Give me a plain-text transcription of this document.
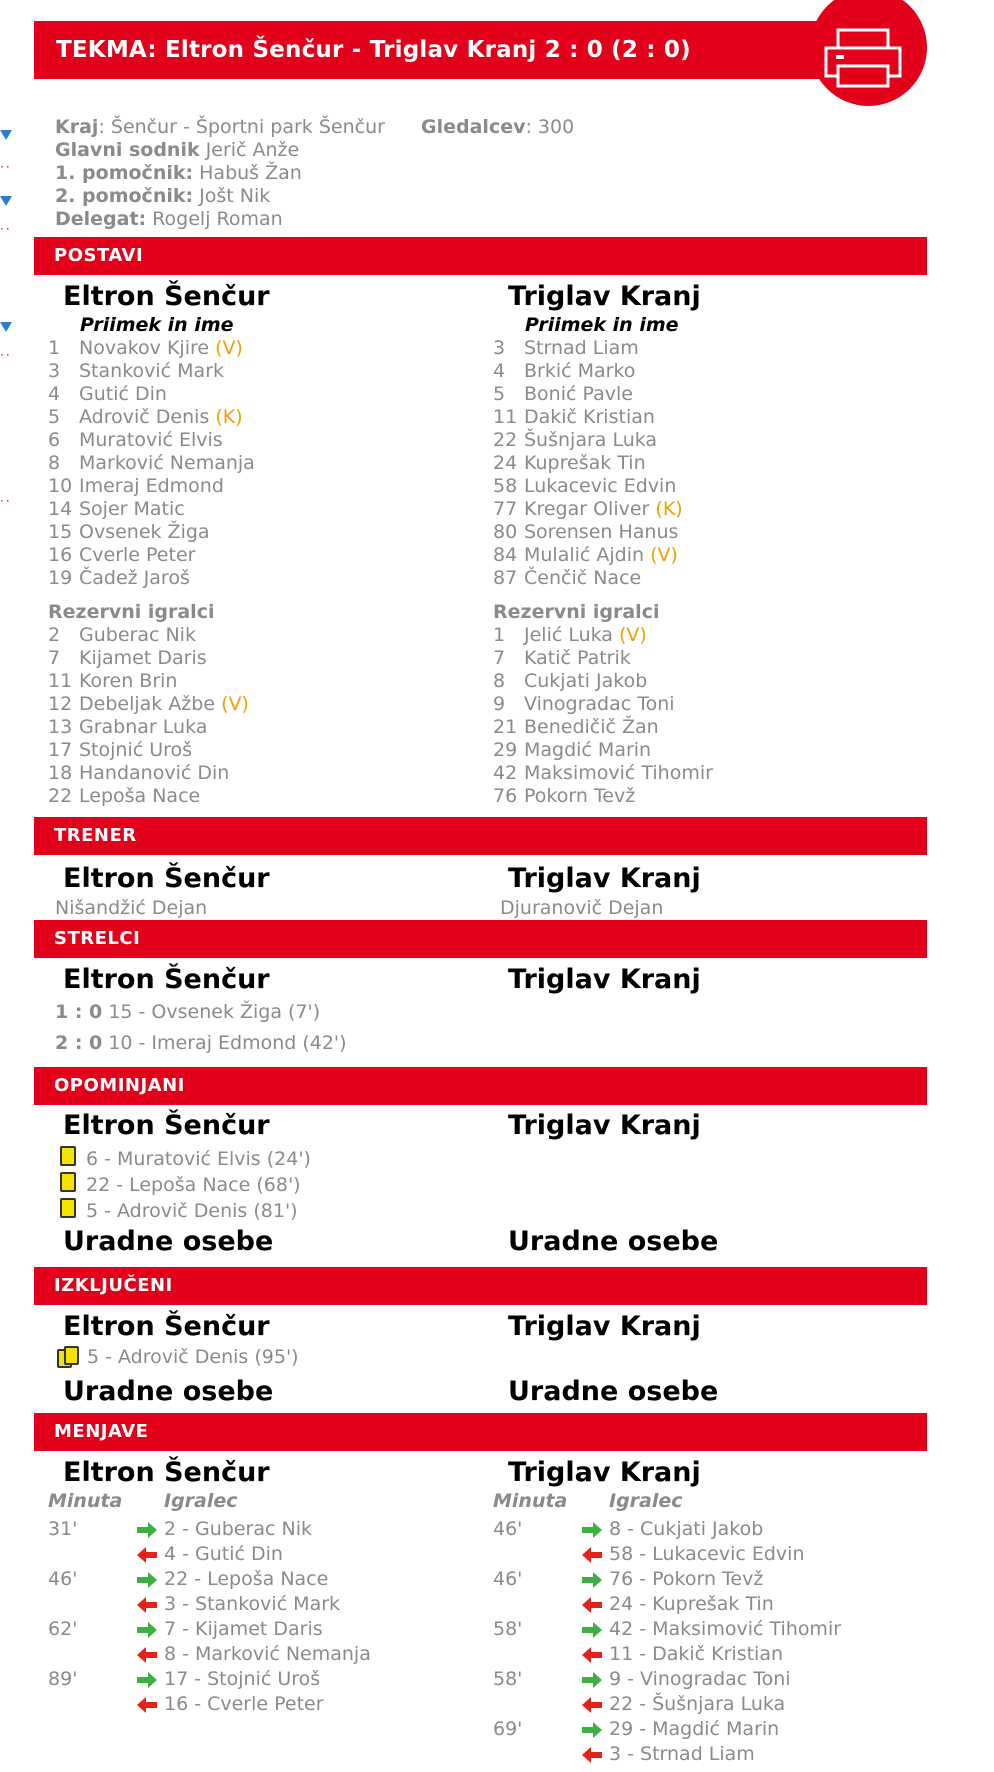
··
··
··
··
TEKMA: Eltron Šenčur - Triglav Kranj 2 : 0 (2 : 0)
Kraj: Šenčur - Športni park Šenčur Gledalcev: 300
Glavni sodnik Jerič Anže
1. pomočnik: Habuš Žan
2. pomočnik: Jošt Nik
Delegat: Rogelj Roman
POSTAVI
Eltron Šenčur	Triglav Kranj
Priimek in ime	Priimek in ime
1 Novakov Kjire (V)
3 Stanković Mark
4 Gutić Din
5 Adrovič Denis (K)
6 Muratović Elvis
8 Marković Nemanja
10 Imeraj Edmond
14 Sojer Matic
15 Ovsenek Žiga
16 Cverle Peter
19 Čadež Jaroš
3 Strnad Liam
4 Brkić Marko
5 Bonić Pavle
11 Dakič Kristian
22 Šušnjara Luka
24 Kuprešak Tin
58 Lukacevic Edvin
77 Kregar Oliver (K)
80 Sorensen Hanus
84 Mulalić Ajdin (V)
87 Čenčič Nace
Rezervni igralci	Rezervni igralci
2 Guberac Nik
7 Kijamet Daris
11 Koren Brin
12 Debeljak Ažbe (V)
13 Grabnar Luka
17 Stojnić Uroš
18 Handanović Din
22 Lepoša Nace
1 Jelić Luka (V)
7 Katič Patrik
8 Cukjati Jakob
9 Vinogradac Toni
21 Benedičič Žan
29 Magdić Marin
42 Maksimović Tihomir
76 Pokorn Tevž
TRENER
Eltron Šenčur	Triglav Kranj
Nišandžić Dejan	Djuranovič Dejan
STRELCI
Eltron Šenčur	Triglav Kranj
1 : 0 15 - Ovsenek Žiga (7')
2 : 0 10 - Imeraj Edmond (42')
OPOMINJANI
Eltron Šenčur	Triglav Kranj
6 - Muratović Elvis (24')
22 - Lepoša Nace (68')
5 - Adrovič Denis (81')
Uradne osebe	Uradne osebe
IZKLJUČENI
Eltron Šenčur	Triglav Kranj
5 - Adrovič Denis (95')
Uradne osebe	Uradne osebe
MENJAVE
Eltron Šenčur	Triglav Kranj
Minuta Igralec	Minuta Igralec
31'	2 - Guberac Nik
4 - Gutić Din
46'	22 - Lepoša Nace
3 - Stanković Mark
62'	7 - Kijamet Daris
8 - Marković Nemanja
89'	17 - Stojnić Uroš
16 - Cverle Peter
46'	8 - Cukjati Jakob
58 - Lukacevic Edvin
46'	76 - Pokorn Tevž
24 - Kuprešak Tin
58'	42 - Maksimović Tihomir
11 - Dakič Kristian
58'	9 - Vinogradac Toni
22 - Šušnjara Luka
69'	29 - Magdić Marin
3 - Strnad Liam
